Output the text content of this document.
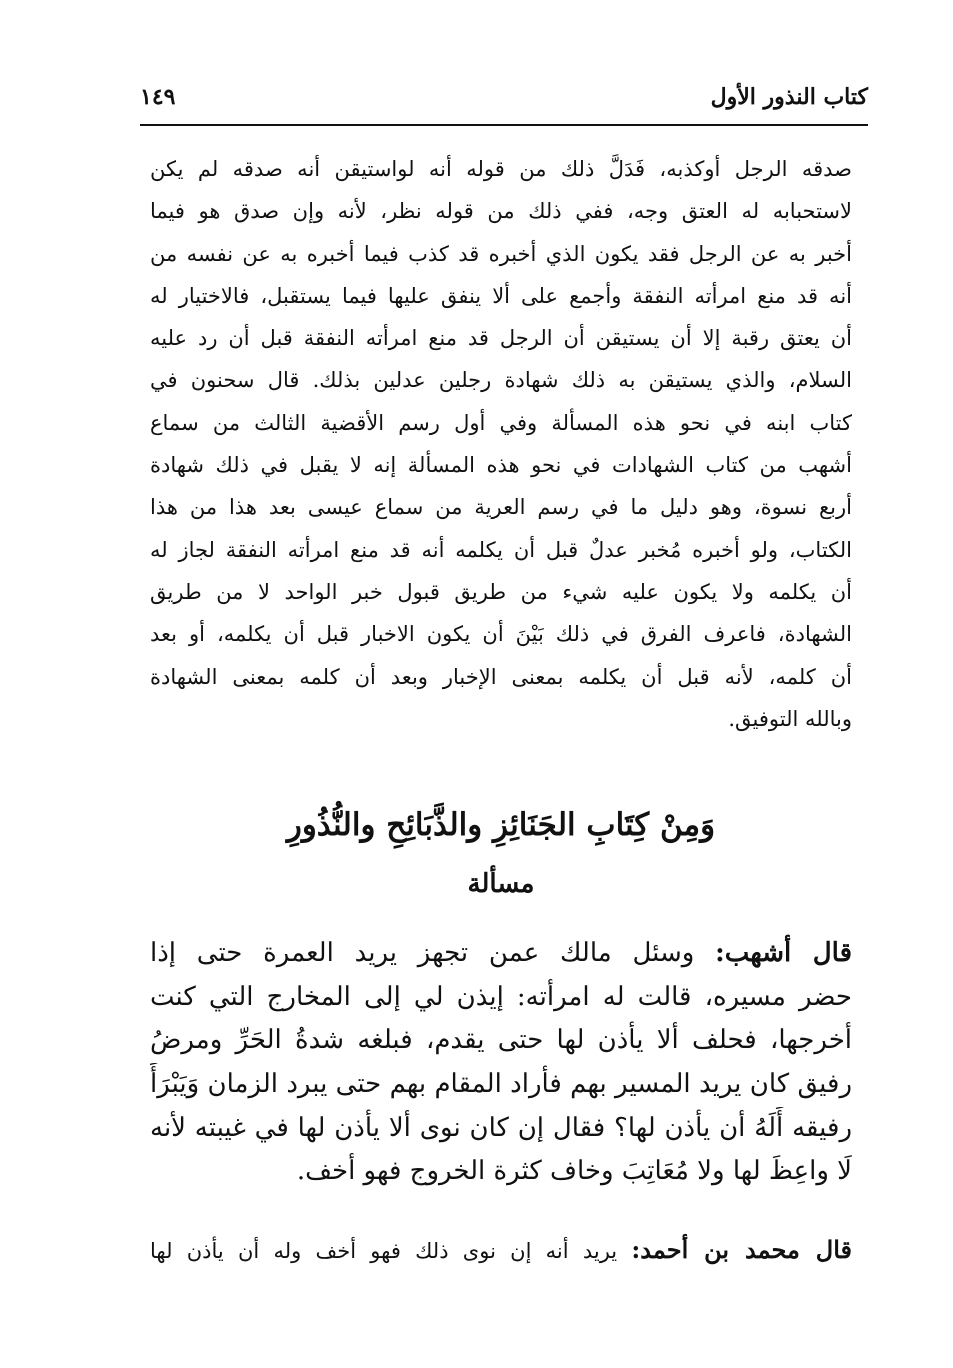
كتاب النذور الأول
١٤٩
صدقه الرجل أوكذبه، فَدَلَّ ذلك من قوله أنه لواستيقن أنه صدقه لم يكن
لاستحبابه له العتق وجه، ففي ذلك من قوله نظر، لأنه وإن صدق هو فيما
أخبر به عن الرجل فقد يكون الذي أخبره قد كذب فيما أخبره به عن نفسه من
أنه قد منع امرأته النفقة وأجمع على ألا ينفق عليها فيما يستقبل، فالاختيار له
أن يعتق رقبة إلا أن يستيقن أن الرجل قد منع امرأته النفقة قبل أن رد عليه
السلام، والذي يستيقن به ذلك شهادة رجلين عدلين بذلك. قال سحنون في
كتاب ابنه في نحو هذه المسألة وفي أول رسم الأقضية الثالث من سماع
أشهب من كتاب الشهادات في نحو هذه المسألة إنه لا يقبل في ذلك شهادة
أربع نسوة، وهو دليل ما في رسم العرية من سماع عيسى بعد هذا من هذا
الكتاب، ولو أخبره مُخبر عدلٌ قبل أن يكلمه أنه قد منع امرأته النفقة لجاز له
أن يكلمه ولا يكون عليه شيء من طريق قبول خبر الواحد لا من طريق
الشهادة، فاعرف الفرق في ذلك بَيْنَ أن يكون الاخبار قبل أن يكلمه، أو بعد
أن كلمه، لأنه قبل أن يكلمه بمعنى الإخبار وبعد أن كلمه بمعنى الشهادة
وبالله التوفيق.
وَمِنْ كِتَابِ الجَنَائِزِ والذَّبَائِحِ والنُّذُورِ
مسألة
قال أشهب: وسئل مالك عمن تجهز يريد العمرة حتى إذا
حضر مسيره، قالت له امرأته: إيذن لي إلى المخارج التي كنت
أخرجها، فحلف ألا يأذن لها حتى يقدم، فبلغه شدةُ الحَرِّ ومرضُ
رفيق كان يريد المسير بهم فأراد المقام بهم حتى يبرد الزمان وَيَبْرَأَ
رفيقه أَلَهُ أن يأذن لها؟ فقال إن كان نوى ألا يأذن لها في غيبته لأنه
لَا واعِظَ لها ولا مُعَاتِبَ وخاف كثرة الخروج فهو أخف.
قال محمد بن أحمد: يريد أنه إن نوى ذلك فهو أخف وله أن يأذن لها
